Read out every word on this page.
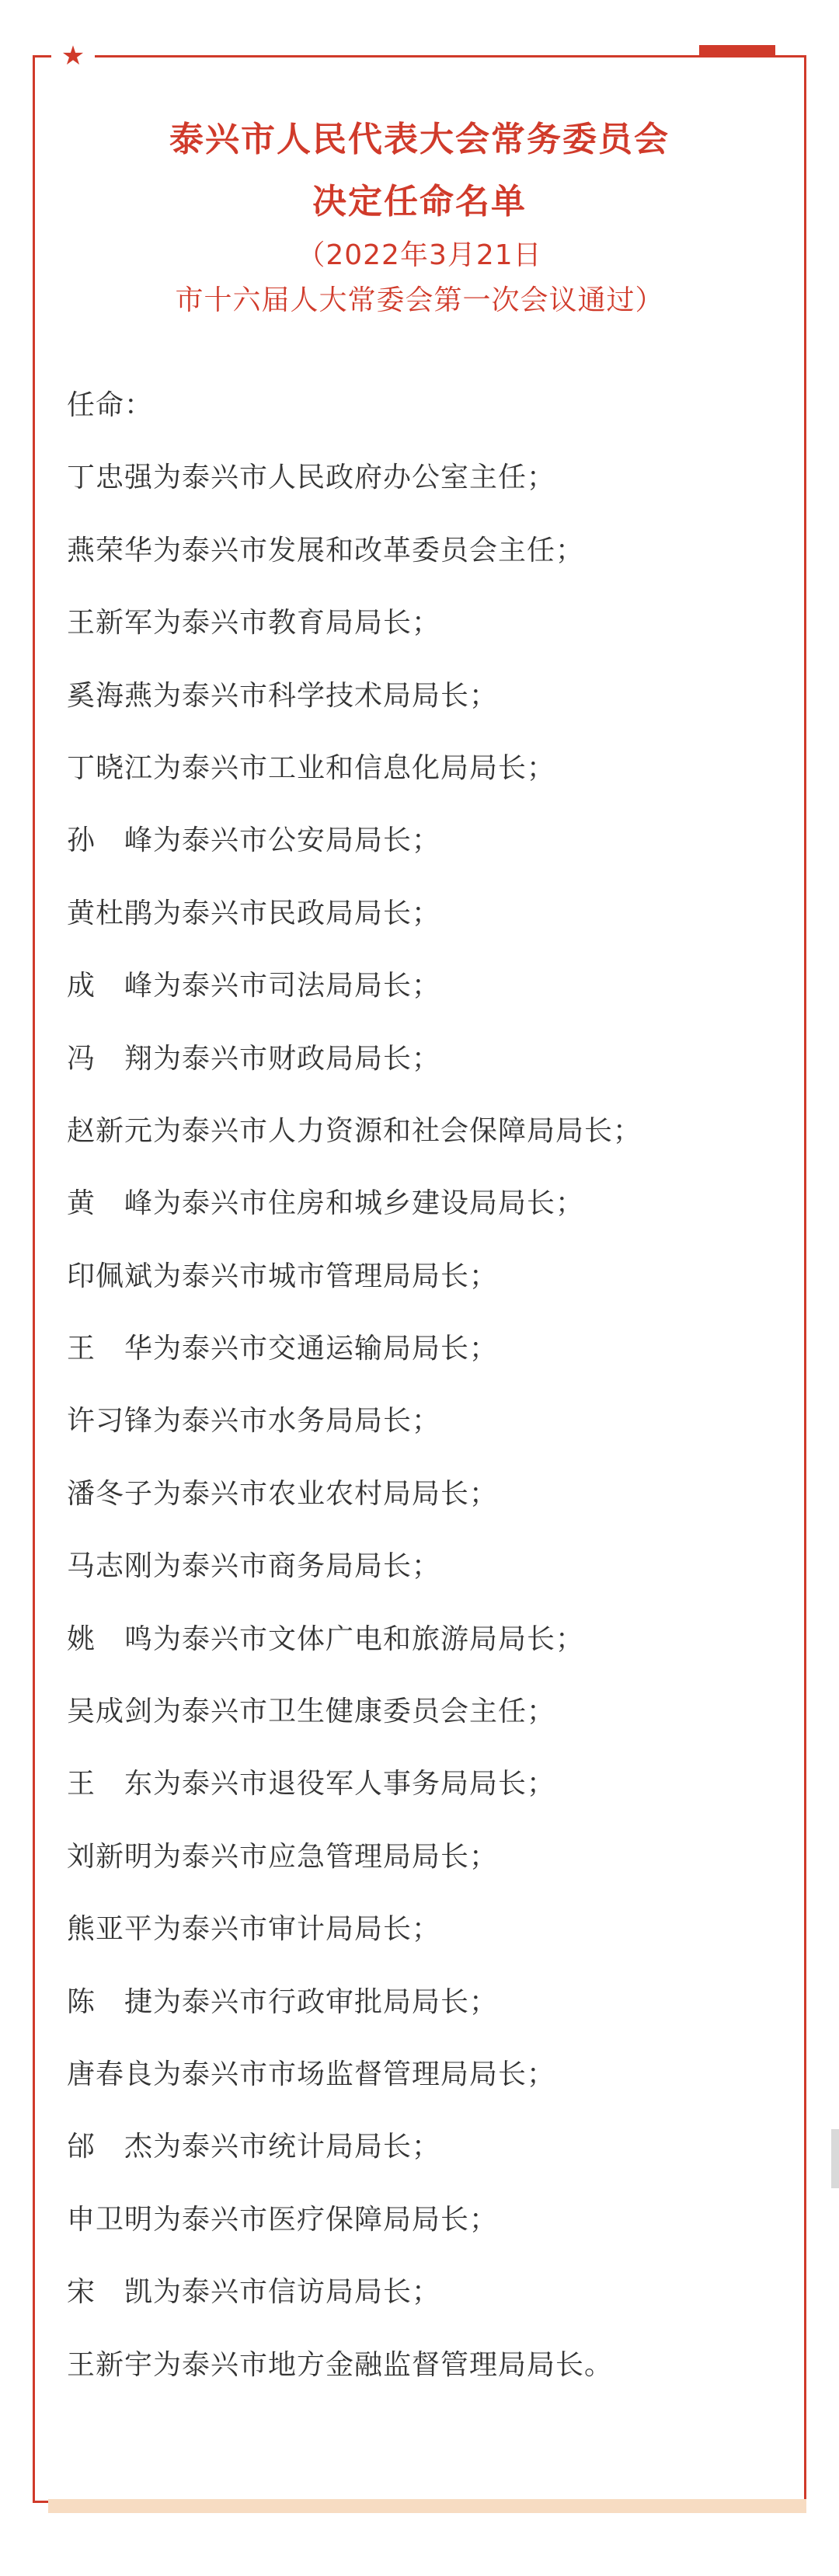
★
泰兴市人民代表大会常务委员会
决定任命名单
（2022年3月21日
市十六届人大常委会第一次会议通过）
任命：
丁忠强为泰兴市人民政府办公室主任；
燕荣华为泰兴市发展和改革委员会主任；
王新军为泰兴市教育局局长；
奚海燕为泰兴市科学技术局局长；
丁晓江为泰兴市工业和信息化局局长；
孙　峰为泰兴市公安局局长；
黄杜鹃为泰兴市民政局局长；
成　峰为泰兴市司法局局长；
冯　翔为泰兴市财政局局长；
赵新元为泰兴市人力资源和社会保障局局长；
黄　峰为泰兴市住房和城乡建设局局长；
印佩斌为泰兴市城市管理局局长；
王　华为泰兴市交通运输局局长；
许习锋为泰兴市水务局局长；
潘冬子为泰兴市农业农村局局长；
马志刚为泰兴市商务局局长；
姚　鸣为泰兴市文体广电和旅游局局长；
吴成剑为泰兴市卫生健康委员会主任；
王　东为泰兴市退役军人事务局局长；
刘新明为泰兴市应急管理局局长；
熊亚平为泰兴市审计局局长；
陈　捷为泰兴市行政审批局局长；
唐春良为泰兴市市场监督管理局局长；
邰　杰为泰兴市统计局局长；
申卫明为泰兴市医疗保障局局长；
宋　凯为泰兴市信访局局长；
王新宇为泰兴市地方金融监督管理局局长。
